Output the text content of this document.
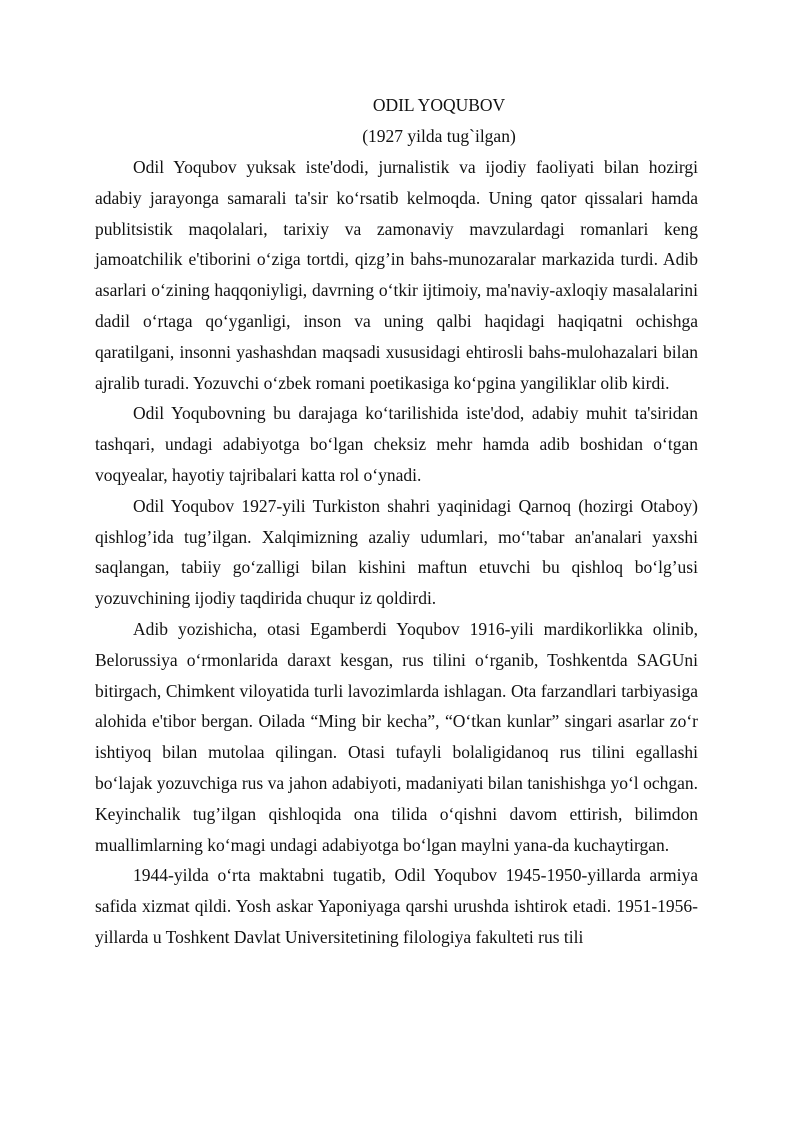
ODIL YOQUBOV

(1927 yilda tug`ilgan)

Odil Yoqubov yuksak iste'dodi, jurnalistik va ijodiy faoliyati bilan hozirgi adabiy jarayonga samarali ta'sir ko‘rsatib kelmoqda. Uning qator qissalari hamda publitsistik maqolalari, tarixiy va zamonaviy mavzulardagi romanlari keng jamoatchilik e'tiborini o‘ziga tortdi, qizg’in bahs-munozaralar markazida turdi. Adib asarlari o‘zining haqqoniyligi, davrning o‘tkir ijtimoiy, ma'naviy-axloqiy masalalarini dadil o‘rtaga qo‘yganligi, inson va uning qalbi haqidagi haqiqatni ochishga qaratilgani, insonni yashashdan maqsadi xususidagi ehtirosli bahs-mulohazalari bilan ajralib turadi. Yozuvchi o‘zbek romani poetikasiga ko‘pgina yangiliklar olib kirdi.

Odil Yoqubovning bu darajaga ko‘tarilishida iste'dod, adabiy muhit ta'siridan tashqari, undagi adabiyotga bo‘lgan cheksiz mehr hamda adib boshidan o‘tgan voqyealar, hayotiy tajribalari katta rol o‘ynadi.

Odil Yoqubov 1927-yili Turkiston shahri yaqinidagi Qarnoq (hozirgi Otaboy) qishlog’ida tug’ilgan. Xalqimizning azaliy udumlari, mo‘'tabar an'analari yaxshi saqlangan, tabiiy go‘zalligi bilan kishini maftun etuvchi bu qishloq bo‘lg’usi yozuvchining ijodiy taqdirida chuqur iz qoldirdi.

Adib yozishicha, otasi Egamberdi Yoqubov 1916-yili mardikorlikka olinib, Belorussiya o‘rmonlarida daraxt kesgan, rus tilini o‘rganib, Toshkentda SAGUni bitirgach, Chimkent viloyatida turli lavozimlarda ishlagan. Ota farzandlari tarbiyasiga alohida e'tibor bergan. Oilada “Ming bir kecha”, “O‘tkan kunlar” singari asarlar zo‘r ishtiyoq bilan mutolaa qilingan. Otasi tufayli bolaligidanoq rus tilini egallashi bo‘lajak yozuvchiga rus va jahon adabiyoti, madaniyati bilan tanishishga yo‘l ochgan. Keyinchalik tug’ilgan qishloqida ona tilida o‘qishni davom ettirish, bilimdon muallimlarning ko‘magi undagi adabiyotga bo‘lgan maylni yana-da kuchaytirgan.

1944-yilda o‘rta maktabni tugatib, Odil Yoqubov 1945-1950-yillarda armiya safida xizmat qildi. Yosh askar Yaponiyaga qarshi urushda ishtirok etadi. 1951-1956-yillarda u Toshkent Davlat Universitetining filologiya fakulteti rus tili
